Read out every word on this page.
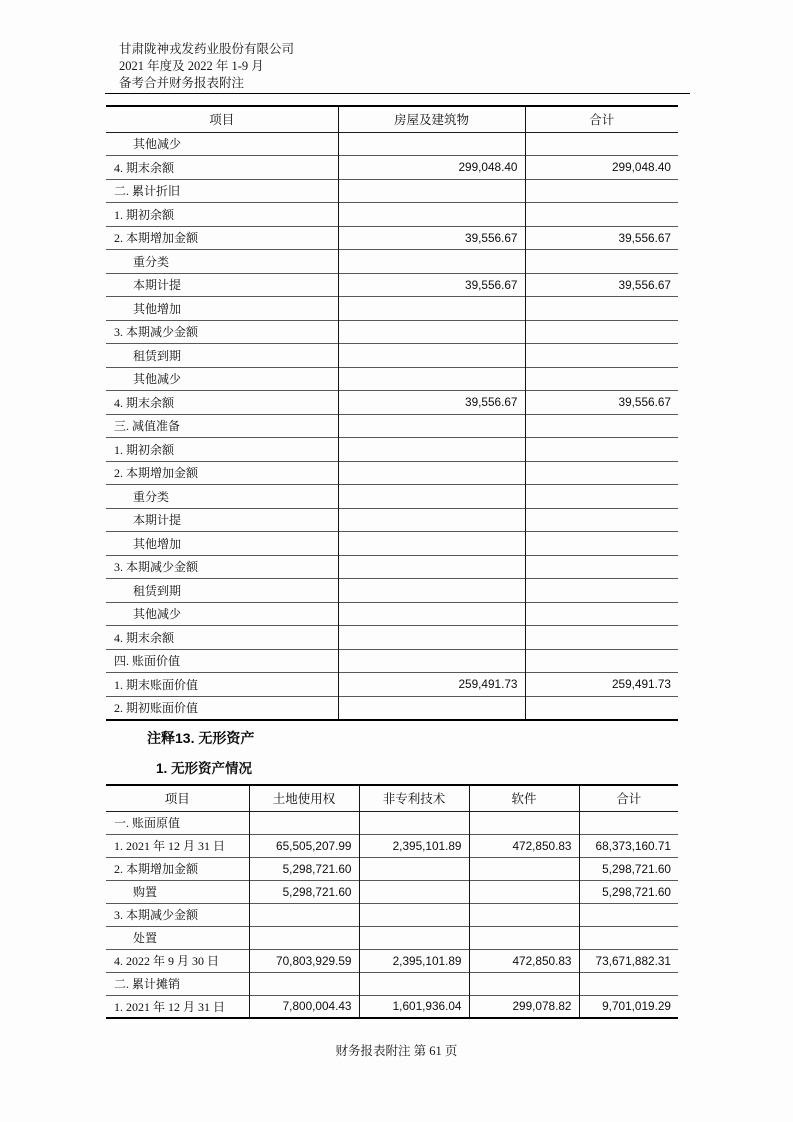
甘肃陇神戎发药业股份有限公司
2021 年度及 2022 年 1-9 月
备考合并财务报表附注
项目	房屋及建筑物	合计
其他减少		
4. 期末余额	299,048.40	299,048.40
二. 累计折旧		
1. 期初余额		
2. 本期增加金额	39,556.67	39,556.67
重分类		
本期计提	39,556.67	39,556.67
其他增加		
3. 本期减少金额		
租赁到期		
其他减少		
4. 期末余额	39,556.67	39,556.67
三. 减值准备		
1. 期初余额		
2. 本期增加金额		
重分类		
本期计提		
其他增加		
3. 本期减少金额		
租赁到期		
其他减少		
4. 期末余额		
四. 账面价值		
1. 期末账面价值	259,491.73	259,491.73
2. 期初账面价值		
注释13. 无形资产
1. 无形资产情况
项目	土地使用权	非专利技术	软件	合计
一. 账面原值				
1. 2021 年 12 月 31 日	65,505,207.99	2,395,101.89	472,850.83	68,373,160.71
2. 本期增加金额	5,298,721.60			5,298,721.60
购置	5,298,721.60			5,298,721.60
3. 本期减少金额				
处置				
4. 2022 年 9 月 30 日	70,803,929.59	2,395,101.89	472,850.83	73,671,882.31
二. 累计摊销				
1. 2021 年 12 月 31 日	7,800,004.43	1,601,936.04	299,078.82	9,701,019.29
财务报表附注 第 61 页
